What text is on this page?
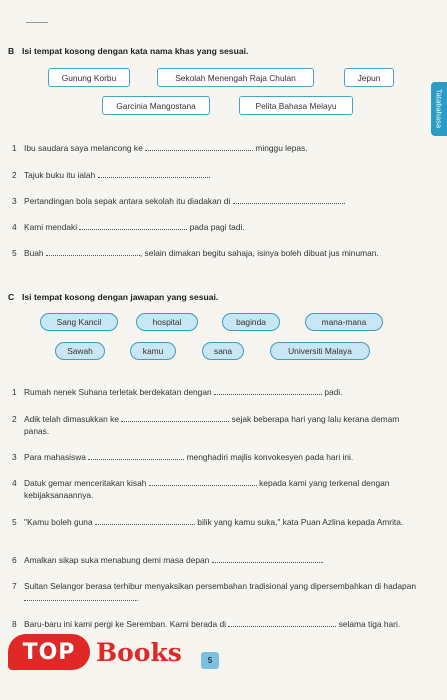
B Isi tempat kosong dengan kata nama khas yang sesuai.
Gunung Korbu	Sekolah Menengah Raja Chulan	Jepun
Garcinia Mangostana	Pelita Bahasa Melayu
1 Ibu saudara saya melancong ke	minggu lepas.
2 Tajuk buku itu ialah
3 Pertandingan bola sepak antara sekolah itu diadakan di
4 Kami mendaki	pada pagi tadi.
5 Buah	, selain dimakan begitu sahaja, isinya boleh dibuat jus minuman.
C Isi tempat kosong dengan jawapan yang sesuai.
Sang Kancil	hospital	baginda	mana-mana
Sawah	kamu	sana	Universiti Malaya
1 Rumah nenek Suhana terletak berdekatan dengan	padi.
2 Adik telah dimasukkan ke	sejak beberapa hari yang lalu kerana demam panas.
3 Para mahasiswa	menghadiri majlis konvokesyen pada hari ini.
4 Datuk gemar menceritakan kisah	kepada kami yang terkenal dengan kebijaksanaannya.
5 "Kamu boleh guna	bilik yang kamu suka," kata Puan Azlina kepada Amrita.
6 Amalkan sikap suka menabung demi masa depan	.
7 Sultan Selangor berasa terhibur menyaksikan persembahan tradisional yang dipersembahkan di hadapan .
8 Baru-baru ini kami pergi ke Seremban. Kami berada di	selama tiga hari.
Tatabahasa
5
TOP Books
